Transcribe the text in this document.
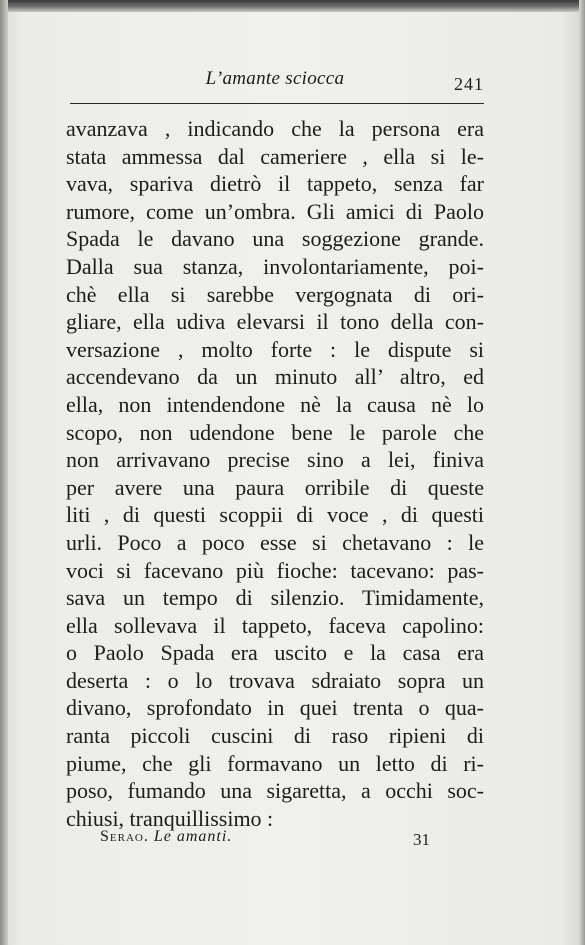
L’amante sciocca	241
avanzava , indicando che la persona era
stata ammessa dal cameriere , ella si le-
vava, spariva dietrò il tappeto, senza far
rumore, come un’ombra. Gli amici di Paolo
Spada le davano una soggezione grande.
Dalla sua stanza, involontariamente, poi-
chè ella si sarebbe vergognata di ori-
gliare, ella udiva elevarsi il tono della con-
versazione , molto forte : le dispute si
accendevano da un minuto all’ altro, ed
ella, non intendendone nè la causa nè lo
scopo, non udendone bene le parole che
non arrivavano precise sino a lei, finiva
per avere una paura orribile di queste
liti , di questi scoppii di voce , di questi
urli. Poco a poco esse si chetavano : le
voci si facevano più fioche: tacevano: pas-
sava un tempo di silenzio. Timidamente,
ella sollevava il tappeto, faceva capolino:
o Paolo Spada era uscito e la casa era
deserta : o lo trovava sdraiato sopra un
divano, sprofondato in quei trenta o qua-
ranta piccoli cuscini di raso ripieni di
piume, che gli formavano un letto di ri-
poso, fumando una sigaretta, a occhi soc-
chiusi, tranquillissimo :
Serao. Le amanti.	31
